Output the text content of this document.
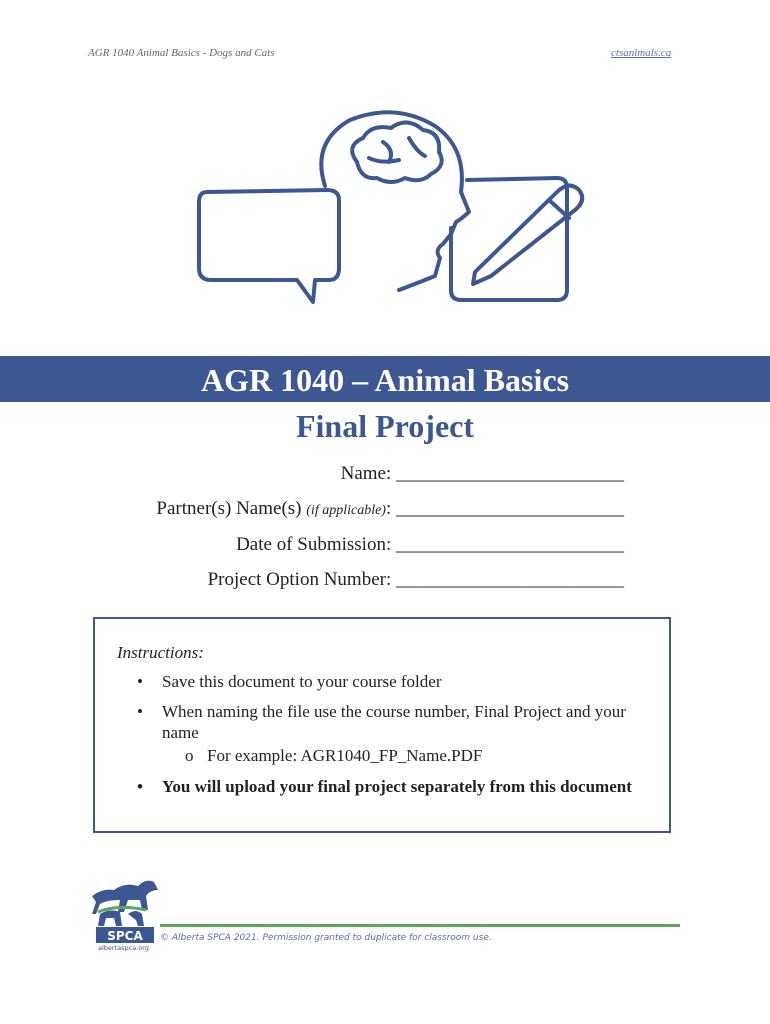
AGR 1040 Animal Basics - Dogs and Cats	ctsanimals.ca
AGR 1040 – Animal Basics
Final Project
Name: ________________________
Partner(s) Name(s) (if applicable): ________________________
Date of Submission: ________________________
Project Option Number: ________________________
Instructions:
• Save this document to your course folder
• When naming the file use the course number, Final Project and your name
o For example: AGR1040_FP_Name.PDF
• You will upload your final project separately from this document
SPCA
albertaspca.org
© Alberta SPCA 2021. Permission granted to duplicate for classroom use.
